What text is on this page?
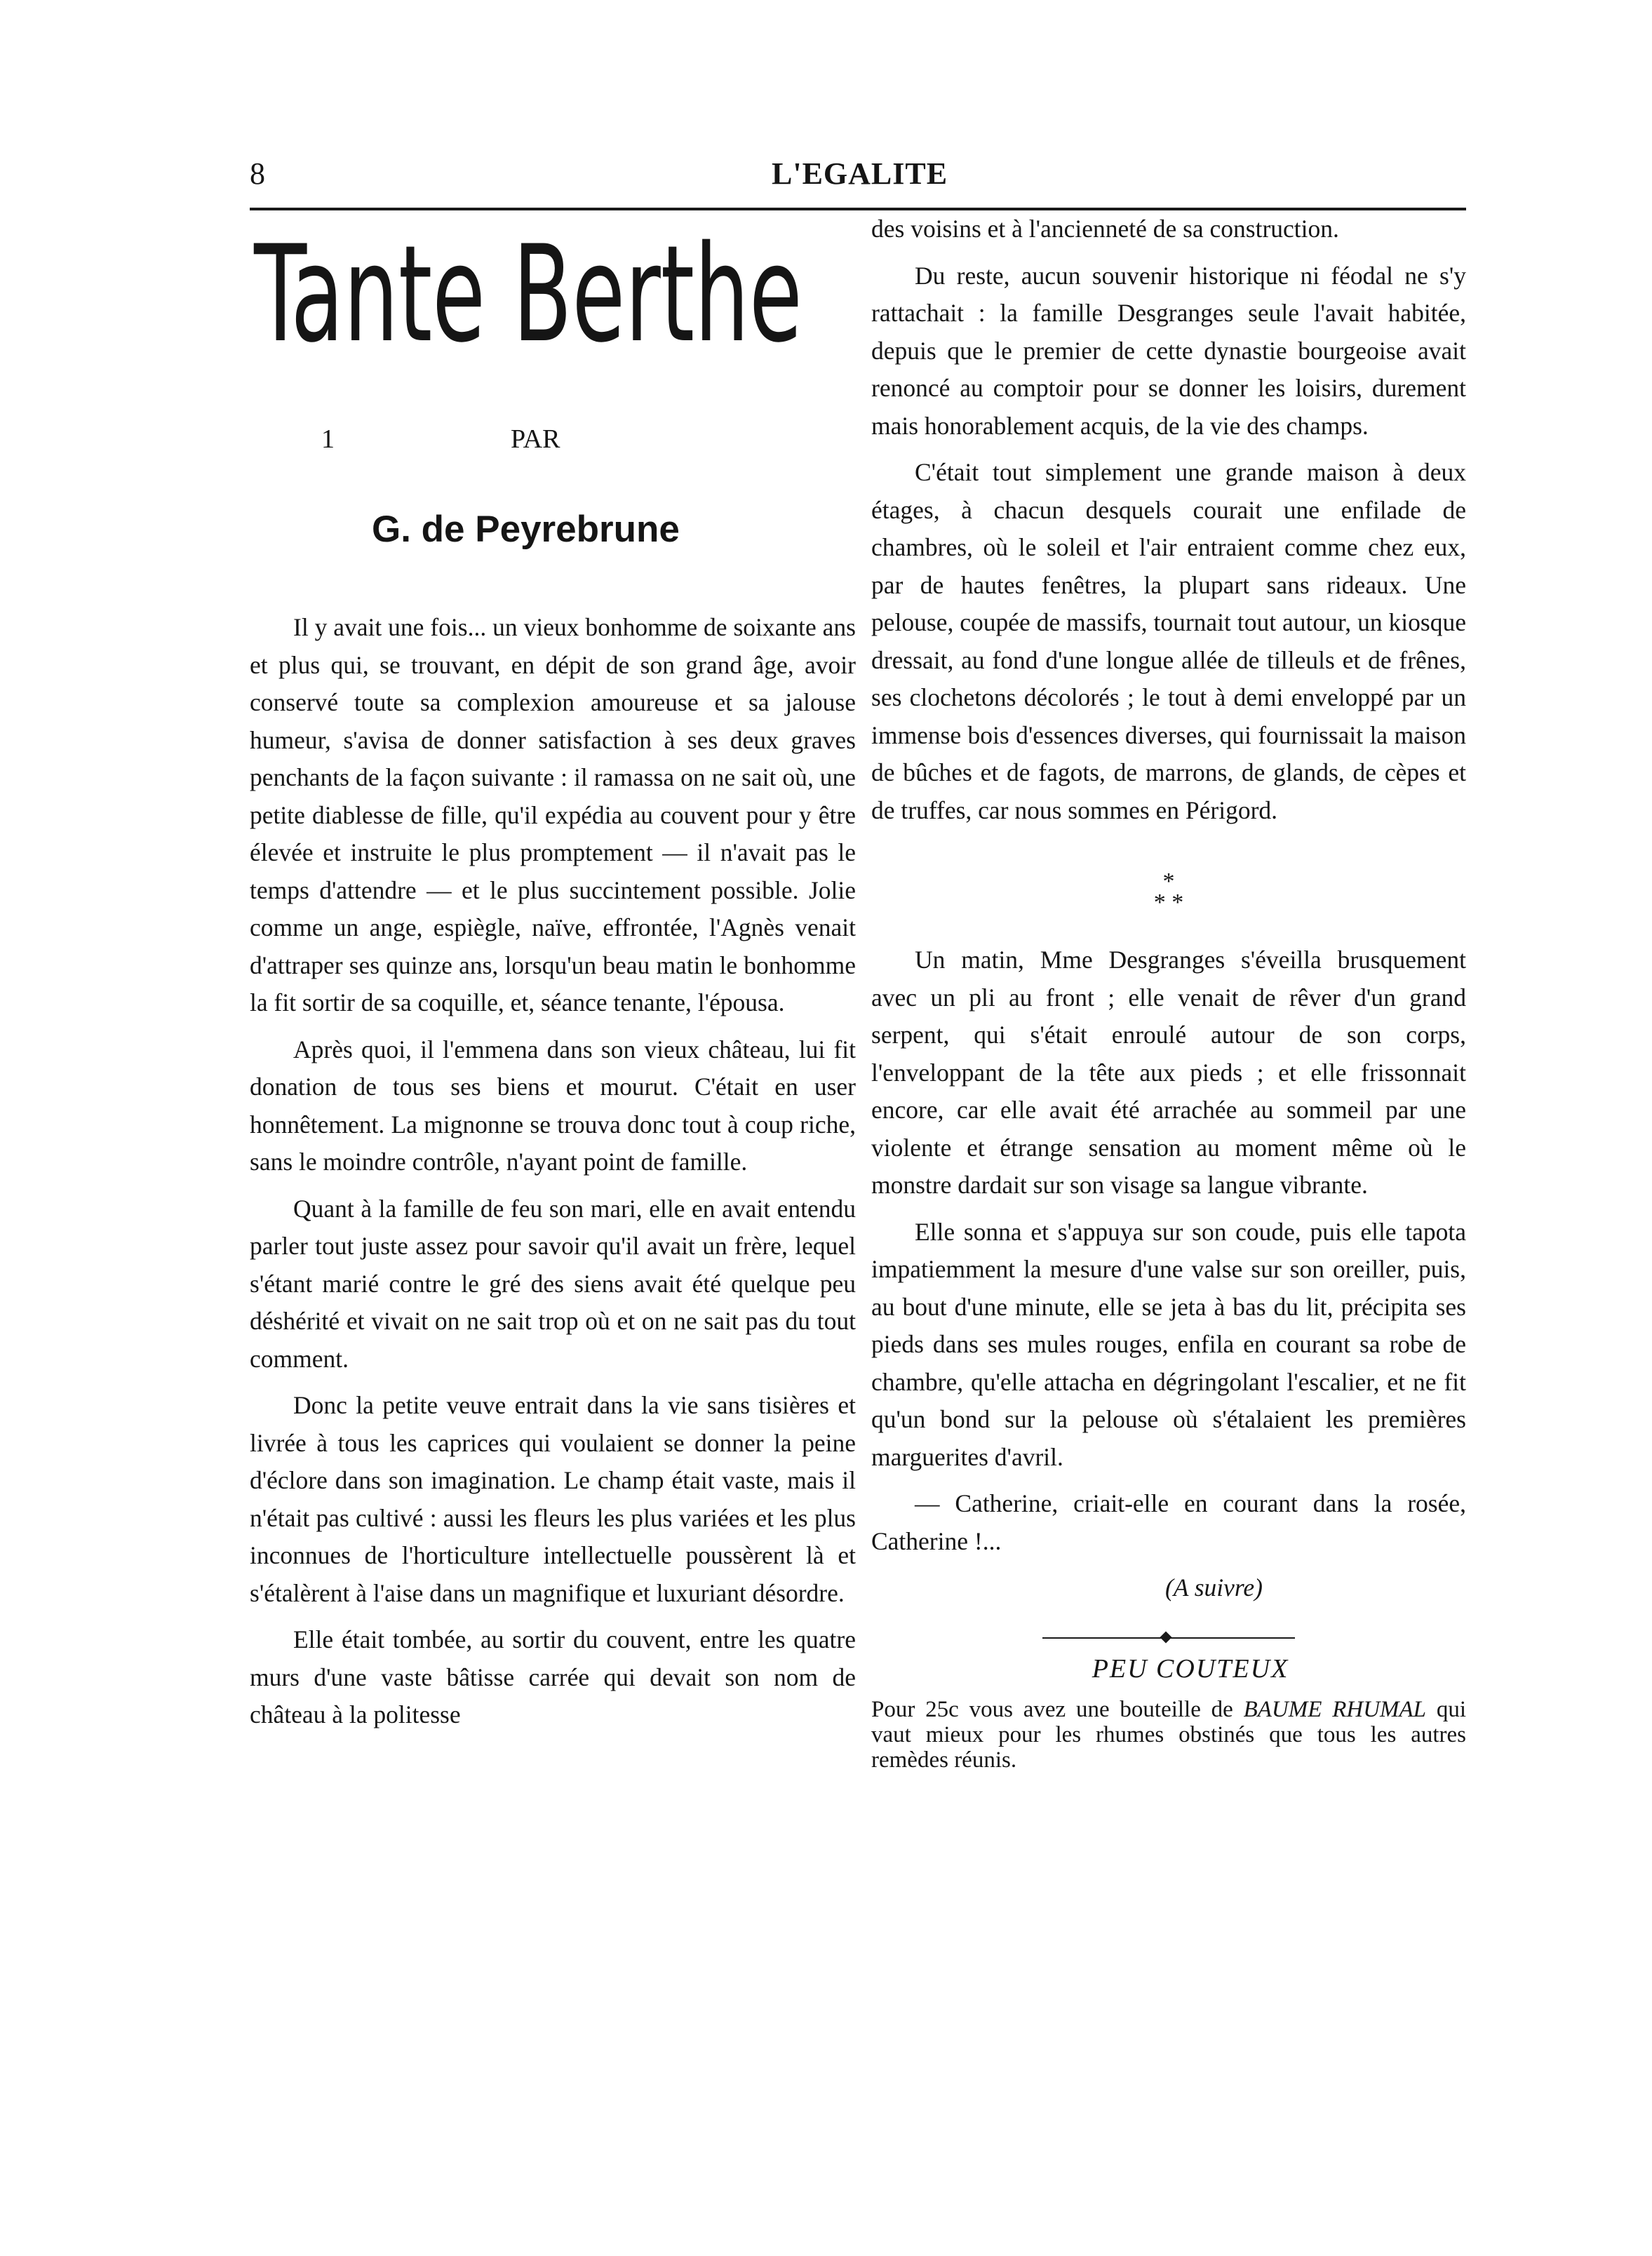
8	L'EGALITE
Tante Berthe
1	PAR
G. de Peyrebrune

Il y avait une fois... un vieux bonhomme de soixante ans et plus qui, se trouvant, en dépit de son grand âge, avoir conservé toute sa complexion amoureuse et sa jalouse humeur, s'avisa de donner satisfaction à ses deux graves penchants de la façon suivante : il ramassa on ne sait où, une petite diablesse de fille, qu'il expédia au couvent pour y être élevée et instruite le plus promptement — il n'avait pas le temps d'attendre — et le plus succintement possible. Jolie comme un ange, espiègle, naïve, effrontée, l'Agnès venait d'attraper ses quinze ans, lorsqu'un beau matin le bonhomme la fit sortir de sa coquille, et, séance tenante, l'épousa.

Après quoi, il l'emmena dans son vieux château, lui fit donation de tous ses biens et mourut. C'était en user honnêtement. La mignonne se trouva donc tout à coup riche, sans le moindre contrôle, n'ayant point de famille.

Quant à la famille de feu son mari, elle en avait entendu parler tout juste assez pour savoir qu'il avait un frère, lequel s'étant marié contre le gré des siens avait été quelque peu déshérité et vivait on ne sait trop où et on ne sait pas du tout comment.

Donc la petite veuve entrait dans la vie sans tisières et livrée à tous les caprices qui voulaient se donner la peine d'éclore dans son imagination. Le champ était vaste, mais il n'était pas cultivé : aussi les fleurs les plus variées et les plus inconnues de l'horticulture intellectuelle poussèrent là et s'étalèrent à l'aise dans un magnifique et luxuriant désordre.

Elle était tombée, au sortir du couvent, entre les quatre murs d'une vaste bâtisse carrée qui devait son nom de château à la politesse

des voisins et à l'ancienneté de sa construction.

Du reste, aucun souvenir historique ni féodal ne s'y rattachait : la famille Desgranges seule l'avait habitée, depuis que le premier de cette dynastie bourgeoise avait renoncé au comptoir pour se donner les loisirs, durement mais honorablement acquis, de la vie des champs.

C'était tout simplement une grande maison à deux étages, à chacun desquels courait une enfilade de chambres, où le soleil et l'air entraient comme chez eux, par de hautes fenêtres, la plupart sans rideaux. Une pelouse, coupée de massifs, tournait tout autour, un kiosque dressait, au fond d'une longue allée de tilleuls et de frênes, ses clochetons décolorés ; le tout à demi enveloppé par un immense bois d'essences diverses, qui fournissait la maison de bûches et de fagots, de marrons, de glands, de cèpes et de truffes, car nous sommes en Périgord.

*
* *

Un matin, Mme Desgranges s'éveilla brusquement avec un pli au front ; elle venait de rêver d'un grand serpent, qui s'était enroulé autour de son corps, l'enveloppant de la tête aux pieds ; et elle frissonnait encore, car elle avait été arrachée au sommeil par une violente et étrange sensation au moment même où le monstre dardait sur son visage sa langue vibrante.

Elle sonna et s'appuya sur son coude, puis elle tapota impatiemment la mesure d'une valse sur son oreiller, puis, au bout d'une minute, elle se jeta à bas du lit, précipita ses pieds dans ses mules rouges, enfila en courant sa robe de chambre, qu'elle attacha en dégringolant l'escalier, et ne fit qu'un bond sur la pelouse où s'étalaient les premières marguerites d'avril.

— Catherine, criait-elle en courant dans la rosée, Catherine !...

(A suivre)

PEU COUTEUX

Pour 25c vous avez une bouteille de BAUME RHUMAL qui vaut mieux pour les rhumes obstinés que tous les autres remèdes réunis.
